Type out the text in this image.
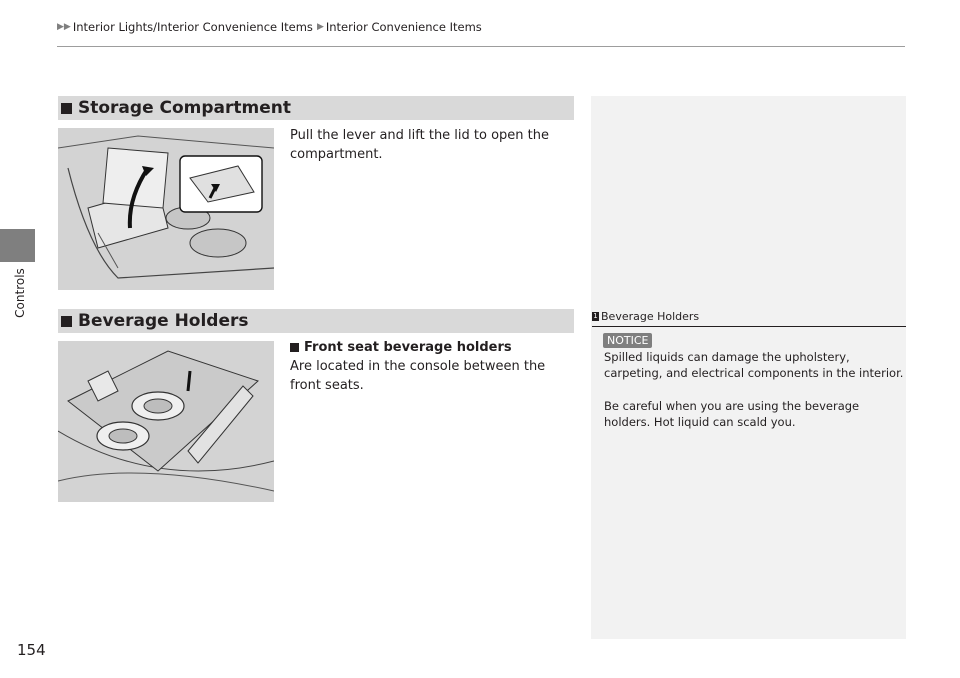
▶▶ Interior Lights/Interior Convenience Items ▶ Interior Convenience Items
Controls
Storage Compartment
Pull the lever and lift the lid to open the compartment.
Beverage Holders
Front seat beverage holders
Are located in the console between the front seats.
1 Beverage Holders
NOTICE
Spilled liquids can damage the upholstery, carpeting, and electrical components in the interior.
Be careful when you are using the beverage holders. Hot liquid can scald you.
154
